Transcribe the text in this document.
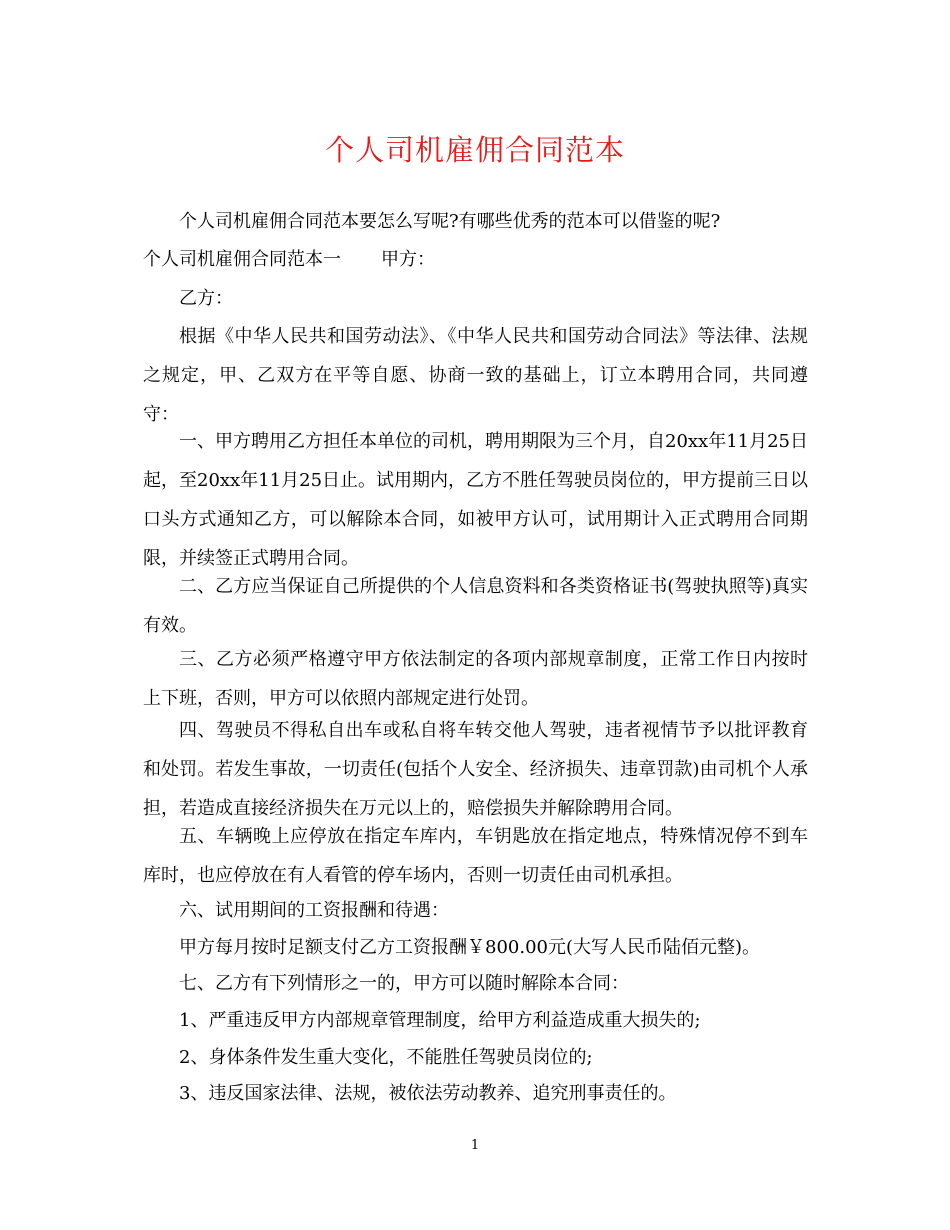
个人司机雇佣合同范本
个人司机雇佣合同范本要怎么写呢?有哪些优秀的范本可以借鉴的呢?
个人司机雇佣合同范本一 甲方：
乙方：
根据《中华人民共和国劳动法》、《中华人民共和国劳动合同法》等法律、法规之规定，甲、乙双方在平等自愿、协商一致的基础上，订立本聘用合同，共同遵守：
一、甲方聘用乙方担任本单位的司机，聘用期限为三个月，自20xx年11月25日起，至20xx年11月25日止。试用期内，乙方不胜任驾驶员岗位的，甲方提前三日以口头方式通知乙方，可以解除本合同，如被甲方认可，试用期计入正式聘用合同期限，并续签正式聘用合同。
二、乙方应当保证自己所提供的个人信息资料和各类资格证书(驾驶执照等)真实有效。
三、乙方必须严格遵守甲方依法制定的各项内部规章制度，正常工作日内按时上下班，否则，甲方可以依照内部规定进行处罚。
四、驾驶员不得私自出车或私自将车转交他人驾驶，违者视情节予以批评教育和处罚。若发生事故，一切责任(包括个人安全、经济损失、违章罚款)由司机个人承担，若造成直接经济损失在万元以上的，赔偿损失并解除聘用合同。
五、车辆晚上应停放在指定车库内，车钥匙放在指定地点，特殊情况停不到车库时，也应停放在有人看管的停车场内，否则一切责任由司机承担。
六、试用期间的工资报酬和待遇：
甲方每月按时足额支付乙方工资报酬￥800.00元(大写人民币陆佰元整)。
七、乙方有下列情形之一的，甲方可以随时解除本合同：
1、严重违反甲方内部规章管理制度，给甲方利益造成重大损失的;
2、身体条件发生重大变化，不能胜任驾驶员岗位的;
3、违反国家法律、法规，被依法劳动教养、追究刑事责任的。
1
